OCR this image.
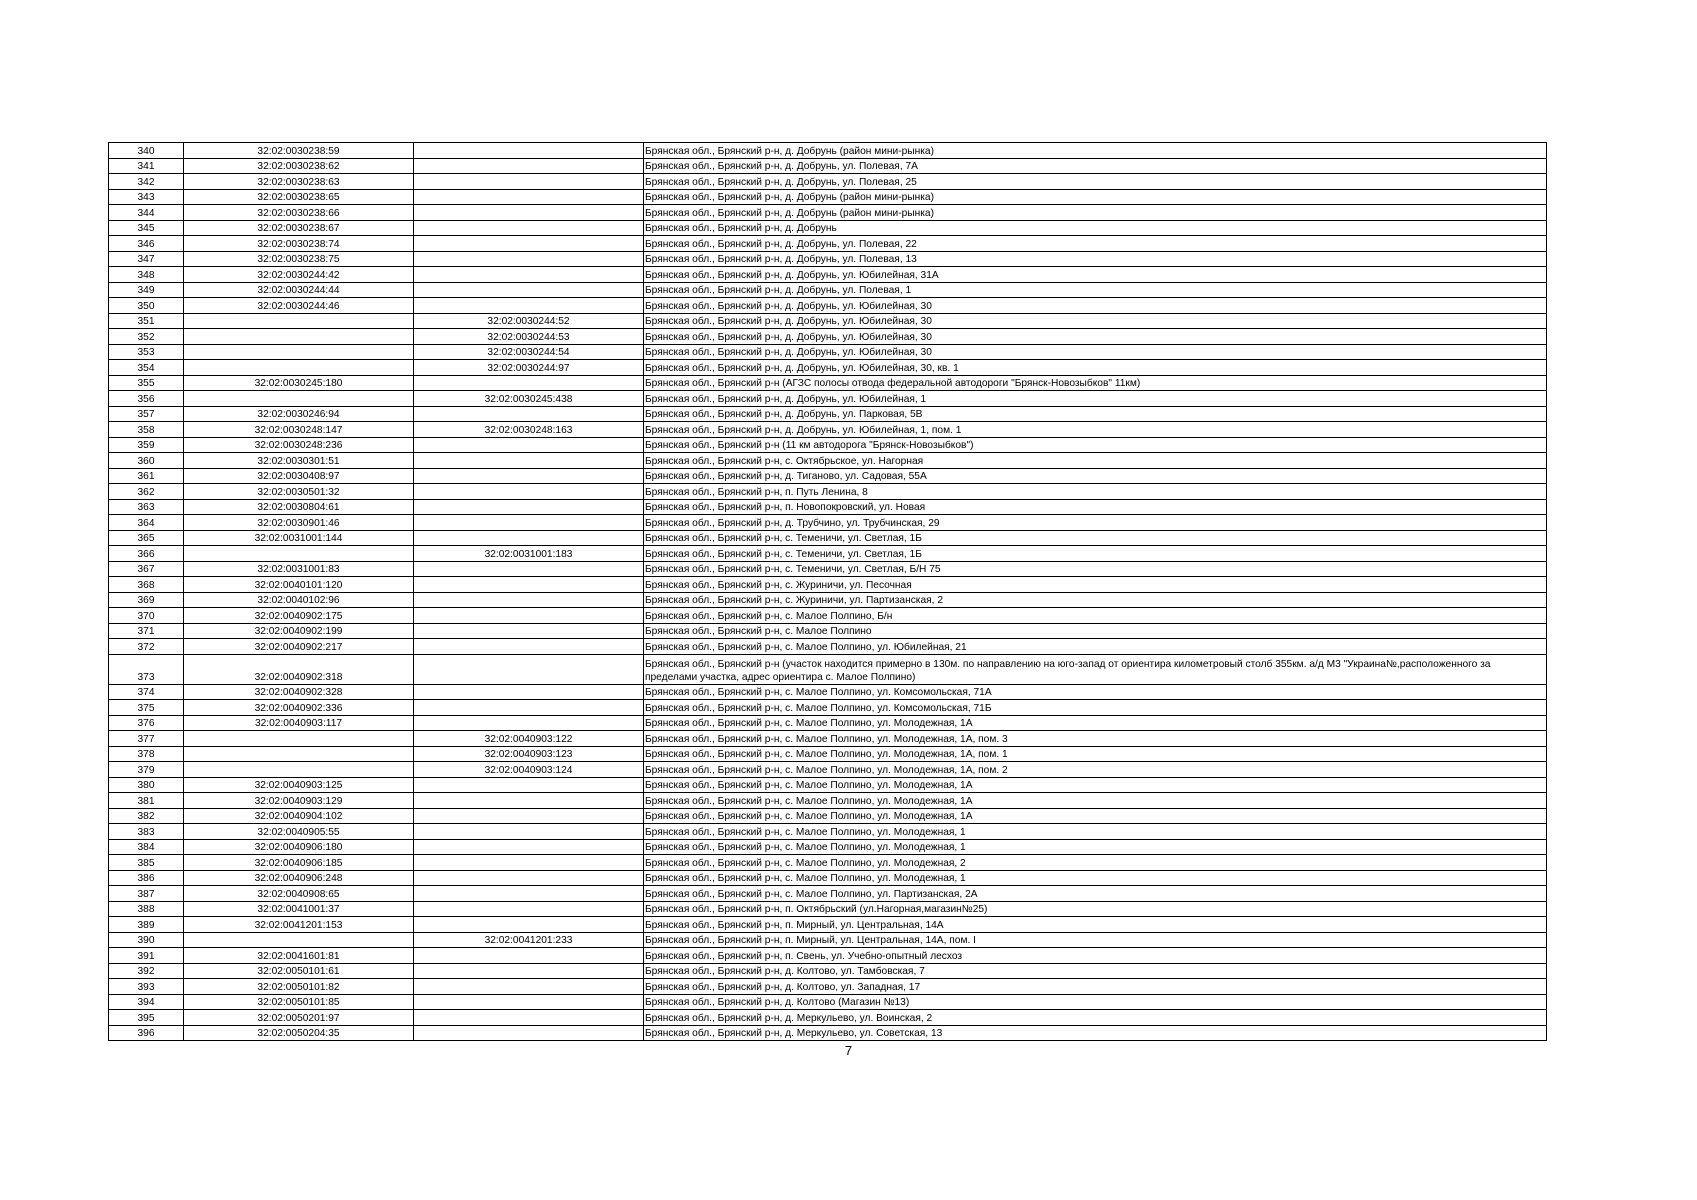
340	32:02:0030238:59		Брянская обл., Брянский р-н, д. Добрунь (район мини-рынка)
341	32:02:0030238:62		Брянская обл., Брянский р-н, д. Добрунь, ул. Полевая, 7А
342	32:02:0030238:63		Брянская обл., Брянский р-н, д. Добрунь, ул. Полевая, 25
343	32:02:0030238:65		Брянская обл., Брянский р-н, д. Добрунь (район мини-рынка)
344	32:02:0030238:66		Брянская обл., Брянский р-н, д. Добрунь (район мини-рынка)
345	32:02:0030238:67		Брянская обл., Брянский р-н, д. Добрунь
346	32:02:0030238:74		Брянская обл., Брянский р-н, д. Добрунь, ул. Полевая, 22
347	32:02:0030238:75		Брянская обл., Брянский р-н, д. Добрунь, ул. Полевая, 13
348	32:02:0030244:42		Брянская обл., Брянский р-н, д. Добрунь, ул. Юбилейная, 31А
349	32:02:0030244:44		Брянская обл., Брянский р-н, д. Добрунь, ул. Полевая, 1
350	32:02:0030244:46		Брянская обл., Брянский р-н, д. Добрунь, ул. Юбилейная, 30
351		32:02:0030244:52	Брянская обл., Брянский р-н, д. Добрунь, ул. Юбилейная, 30
352		32:02:0030244:53	Брянская обл., Брянский р-н, д. Добрунь, ул. Юбилейная, 30
353		32:02:0030244:54	Брянская обл., Брянский р-н, д. Добрунь, ул. Юбилейная, 30
354		32:02:0030244:97	Брянская обл., Брянский р-н, д. Добрунь, ул. Юбилейная, 30, кв. 1
355	32:02:0030245:180		Брянская обл., Брянский р-н (АГЗС полосы отвода федеральной автодороги "Брянск-Новозыбков" 11км)
356		32:02:0030245:438	Брянская обл., Брянский р-н, д. Добрунь, ул. Юбилейная, 1
357	32:02:0030246:94		Брянская обл., Брянский р-н, д. Добрунь, ул. Парковая, 5В
358	32:02:0030248:147	32:02:0030248:163	Брянская обл., Брянский р-н, д. Добрунь, ул. Юбилейная, 1, пом. 1
359	32:02:0030248:236		Брянская обл., Брянский р-н (11 км автодорога "Брянск-Новозыбков")
360	32:02:0030301:51		Брянская обл., Брянский р-н, с. Октябрьское, ул. Нагорная
361	32:02:0030408:97		Брянская обл., Брянский р-н, д. Тиганово, ул. Садовая, 55А
362	32:02:0030501:32		Брянская обл., Брянский р-н, п. Путь Ленина, 8
363	32:02:0030804:61		Брянская обл., Брянский р-н, п. Новопокровский, ул. Новая
364	32:02:0030901:46		Брянская обл., Брянский р-н, д. Трубчино, ул. Трубчинская, 29
365	32:02:0031001:144		Брянская обл., Брянский р-н, с. Теменичи, ул. Светлая, 1Б
366		32:02:0031001:183	Брянская обл., Брянский р-н, с. Теменичи, ул. Светлая, 1Б
367	32:02:0031001:83		Брянская обл., Брянский р-н, с. Теменичи, ул. Светлая, Б/Н 75
368	32:02:0040101:120		Брянская обл., Брянский р-н, с. Журиничи, ул. Песочная
369	32:02:0040102:96		Брянская обл., Брянский р-н, с. Журиничи, ул. Партизанская, 2
370	32:02:0040902:175		Брянская обл., Брянский р-н, с. Малое Полпино, Б/н
371	32:02:0040902:199		Брянская обл., Брянский р-н, с. Малое Полпино
372	32:02:0040902:217		Брянская обл., Брянский р-н, с. Малое Полпино, ул. Юбилейная, 21
373	32:02:0040902:318		Брянская обл., Брянский р-н (участок находится примерно в 130м. по направлению на юго-запад от ориентира километровый столб 355км. а/д М3 "Украина№,расположенного за пределами участка, адрес ориентира с. Малое Полпино)
374	32:02:0040902:328		Брянская обл., Брянский р-н, с. Малое Полпино, ул. Комсомольская, 71А
375	32:02:0040902:336		Брянская обл., Брянский р-н, с. Малое Полпино, ул. Комсомольская, 71Б
376	32:02:0040903:117		Брянская обл., Брянский р-н, с. Малое Полпино, ул. Молодежная, 1А
377		32:02:0040903:122	Брянская обл., Брянский р-н, с. Малое Полпино, ул. Молодежная, 1А, пом. 3
378		32:02:0040903:123	Брянская обл., Брянский р-н, с. Малое Полпино, ул. Молодежная, 1А, пом. 1
379		32:02:0040903:124	Брянская обл., Брянский р-н, с. Малое Полпино, ул. Молодежная, 1А, пом. 2
380	32:02:0040903:125		Брянская обл., Брянский р-н, с. Малое Полпино, ул. Молодежная, 1А
381	32:02:0040903:129		Брянская обл., Брянский р-н, с. Малое Полпино, ул. Молодежная, 1А
382	32:02:0040904:102		Брянская обл., Брянский р-н, с. Малое Полпино, ул. Молодежная, 1А
383	32:02:0040905:55		Брянская обл., Брянский р-н, с. Малое Полпино, ул. Молодежная, 1
384	32:02:0040906:180		Брянская обл., Брянский р-н, с. Малое Полпино, ул. Молодежная, 1
385	32:02:0040906:185		Брянская обл., Брянский р-н, с. Малое Полпино, ул. Молодежная, 2
386	32:02:0040906:248		Брянская обл., Брянский р-н, с. Малое Полпино, ул. Молодежная, 1
387	32:02:0040908:65		Брянская обл., Брянский р-н, с. Малое Полпино, ул. Партизанская, 2А
388	32:02:0041001:37		Брянская обл., Брянский р-н, п. Октябрьский (ул.Нагорная,магазин№25)
389	32:02:0041201:153		Брянская обл., Брянский р-н, п. Мирный, ул. Центральная, 14А
390		32:02:0041201:233	Брянская обл., Брянский р-н, п. Мирный, ул. Центральная, 14А, пом. I
391	32:02:0041601:81		Брянская обл., Брянский р-н, п. Свень, ул. Учебно-опытный лесхоз
392	32:02:0050101:61		Брянская обл., Брянский р-н, д. Колтово, ул. Тамбовская, 7
393	32:02:0050101:82		Брянская обл., Брянский р-н, д. Колтово, ул. Западная, 17
394	32:02:0050101:85		Брянская обл., Брянский р-н, д. Колтово (Магазин №13)
395	32:02:0050201:97		Брянская обл., Брянский р-н, д. Меркульево, ул. Воинская, 2
396	32:02:0050204:35		Брянская обл., Брянский р-н, д. Меркульево, ул. Советская, 13
7
